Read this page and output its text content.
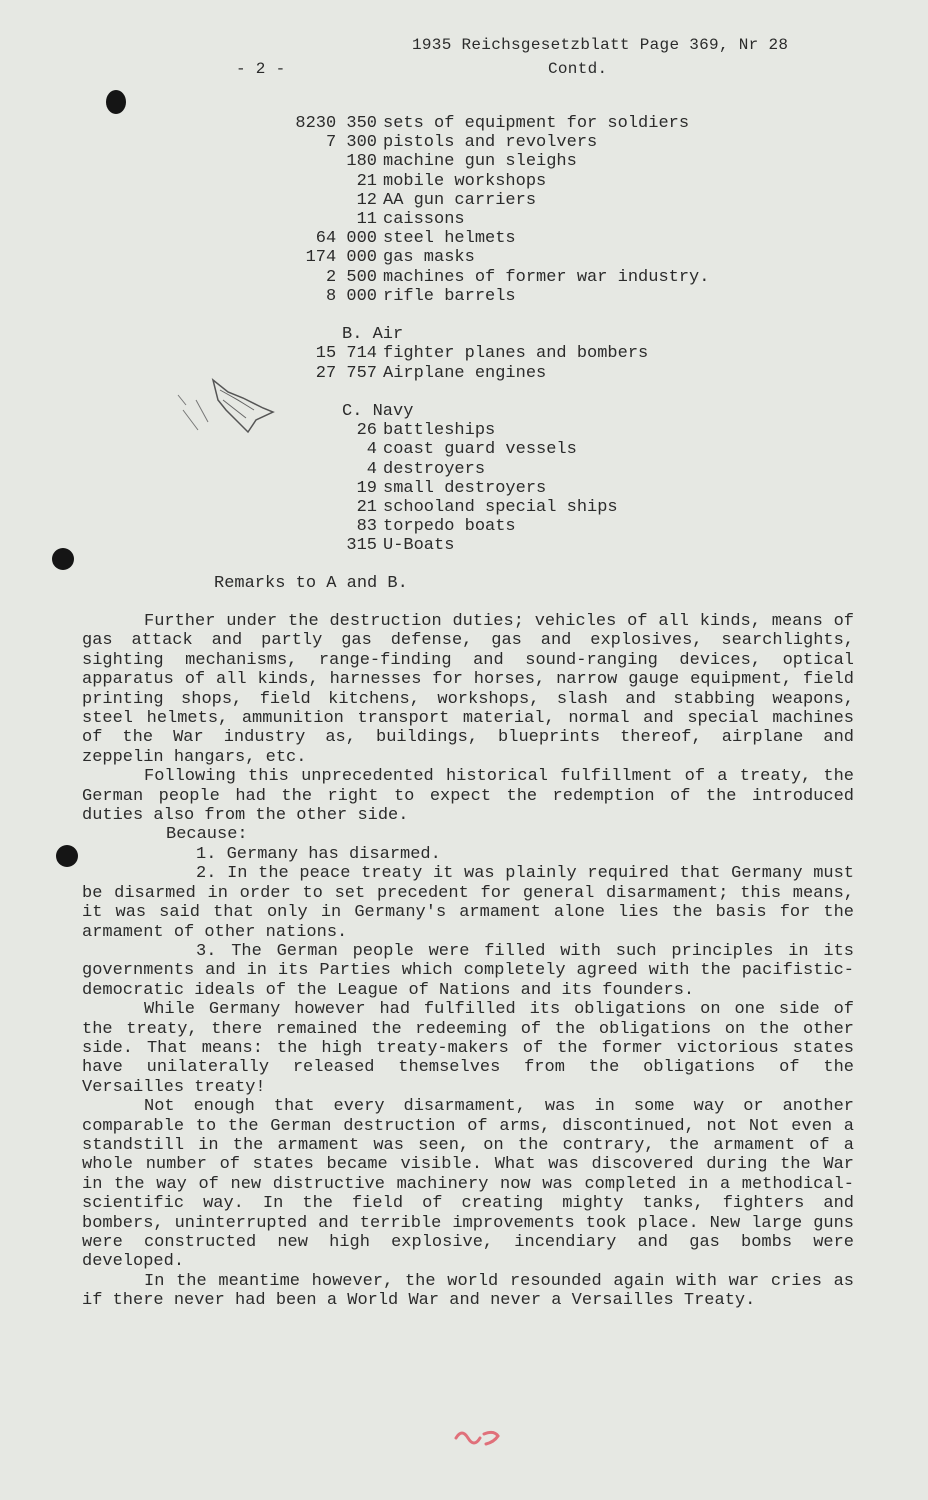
- 2 -
1935 Reichsgesetzblatt Page 369, Nr 28
Contd.
8230 350 sets of equipment for soldiers
7 300 pistols and revolvers
180 machine gun sleighs
21 mobile workshops
12 AA gun carriers
11 caissons
64 000 steel helmets
174 000 gas masks
2 500 machines of former war industry.
8 000 rifle barrels
B. Air
15 714 fighter planes and bombers
27 757 Airplane engines
C. Navy
26 battleships
4 coast guard vessels
4 destroyers
19 small destroyers
21 schooland special ships
83 torpedo boats
315 U-Boats
Remarks to A and B.

Further under the destruction duties; vehicles of all kinds, means of gas attack and partly gas defense, gas and explosives, searchlights, sighting mechanisms, range-finding and sound-ranging devices, optical apparatus of all kinds, harnesses for horses, narrow gauge equipment, field printing shops, field kitchens, workshops, slash and stabbing weapons, steel helmets, ammunition transport material, normal and special machines of the War industry as, buildings, blueprints thereof, airplane and zeppelin hangars, etc.

Following this unprecedented historical fulfillment of a treaty, the German people had the right to expect the redemption of the introduced duties also from the other side.

Because:

1. Germany has disarmed.

2. In the peace treaty it was plainly required that Germany must be disarmed in order to set precedent for general disarmament; this means, it was said that only in Germany's armament alone lies the basis for the armament of other nations.

3. The German people were filled with such principles in its governments and in its Parties which completely agreed with the pacifistic-democratic ideals of the League of Nations and its founders.

While Germany however had fulfilled its obligations on one side of the treaty, there remained the redeeming of the obligations on the other side. That means: the high treaty-makers of the former victorious states have unilaterally released themselves from the obligations of the Versailles treaty!

Not enough that every disarmament, was in some way or another comparable to the German destruction of arms, discontinued, not Not even a standstill in the armament was seen, on the contrary, the armament of a whole number of states became visible. What was discovered during the War in the way of new distructive machinery now was completed in a methodical-scientific way. In the field of creating mighty tanks, fighters and bombers, uninterrupted and terrible improvements took place. New large guns were constructed new high explosive, incendiary and gas bombs were developed.

In the meantime however, the world resounded again with war cries as if there never had been a World War and never a Versailles Treaty.
